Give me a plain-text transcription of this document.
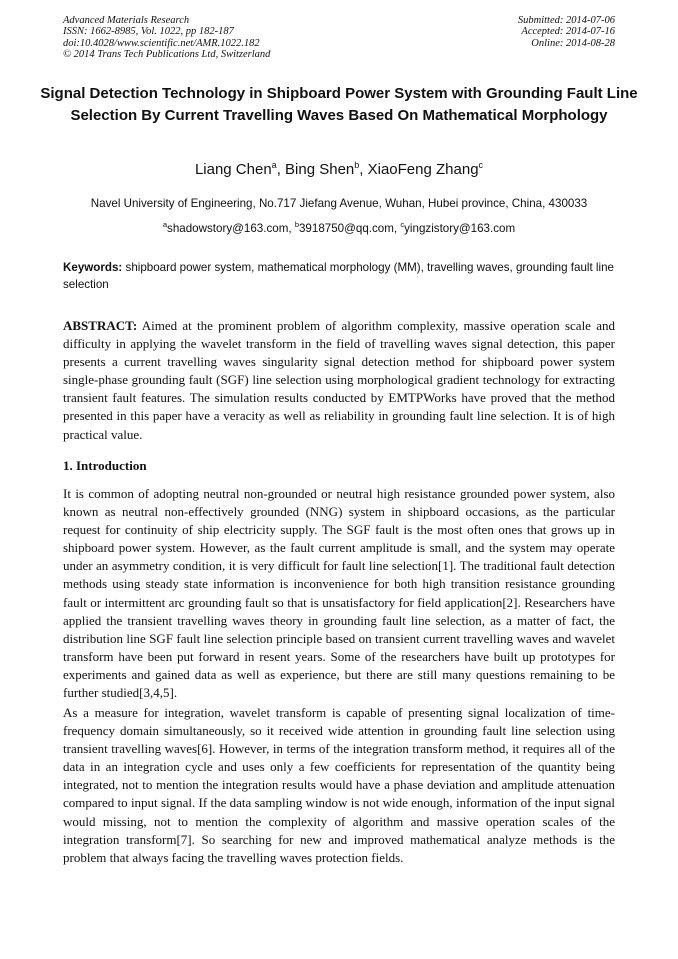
Advanced Materials Research
ISSN: 1662-8985, Vol. 1022, pp 182-187
doi:10.4028/www.scientific.net/AMR.1022.182
© 2014 Trans Tech Publications Ltd, Switzerland
Submitted: 2014-07-06
Accepted: 2014-07-16
Online: 2014-08-28
Signal Detection Technology in Shipboard Power System with Grounding Fault Line Selection By Current Travelling Waves Based On Mathematical Morphology
Liang Chen$^a$, Bing Shen$^b$, XiaoFeng Zhang$^c$
Navel University of Engineering, No.717 Jiefang Avenue, Wuhan, Hubei province, China, 430033
$^a$shadowstory@163.com, $^b$3918750@qq.com, $^c$yingzistory@163.com
Keywords: shipboard power system, mathematical morphology (MM), travelling waves, grounding fault line selection
ABSTRACT: Aimed at the prominent problem of algorithm complexity, massive operation scale and difficulty in applying the wavelet transform in the field of travelling waves signal detection, this paper presents a current travelling waves singularity signal detection method for shipboard power system single-phase grounding fault (SGF) line selection using morphological gradient technology for extracting transient fault features. The simulation results conducted by EMTPWorks have proved that the method presented in this paper have a veracity as well as reliability in grounding fault line selection. It is of high practical value.
1. Introduction
It is common of adopting neutral non-grounded or neutral high resistance grounded power system, also known as neutral non-effectively grounded (NNG) system in shipboard occasions, as the particular request for continuity of ship electricity supply. The SGF fault is the most often ones that grows up in shipboard power system. However, as the fault current amplitude is small, and the system may operate under an asymmetry condition, it is very difficult for fault line selection[1]. The traditional fault detection methods using steady state information is inconvenience for both high transition resistance grounding fault or intermittent arc grounding fault so that is unsatisfactory for field application[2]. Researchers have applied the transient travelling waves theory in grounding fault line selection, as a matter of fact, the distribution line SGF fault line selection principle based on transient current travelling waves and wavelet transform have been put forward in resent years. Some of the researchers have built up prototypes for experiments and gained data as well as experience, but there are still many questions remaining to be further studied[3,4,5].
As a measure for integration, wavelet transform is capable of presenting signal localization of time-frequency domain simultaneously, so it received wide attention in grounding fault line selection using transient travelling waves[6]. However, in terms of the integration transform method, it requires all of the data in an integration cycle and uses only a few coefficients for representation of the quantity being integrated, not to mention the integration results would have a phase deviation and amplitude attenuation compared to input signal. If the data sampling window is not wide enough, information of the input signal would missing, not to mention the complexity of algorithm and massive operation scales of the integration transform[7]. So searching for new and improved mathematical analyze methods is the problem that always facing the travelling waves protection fields.
